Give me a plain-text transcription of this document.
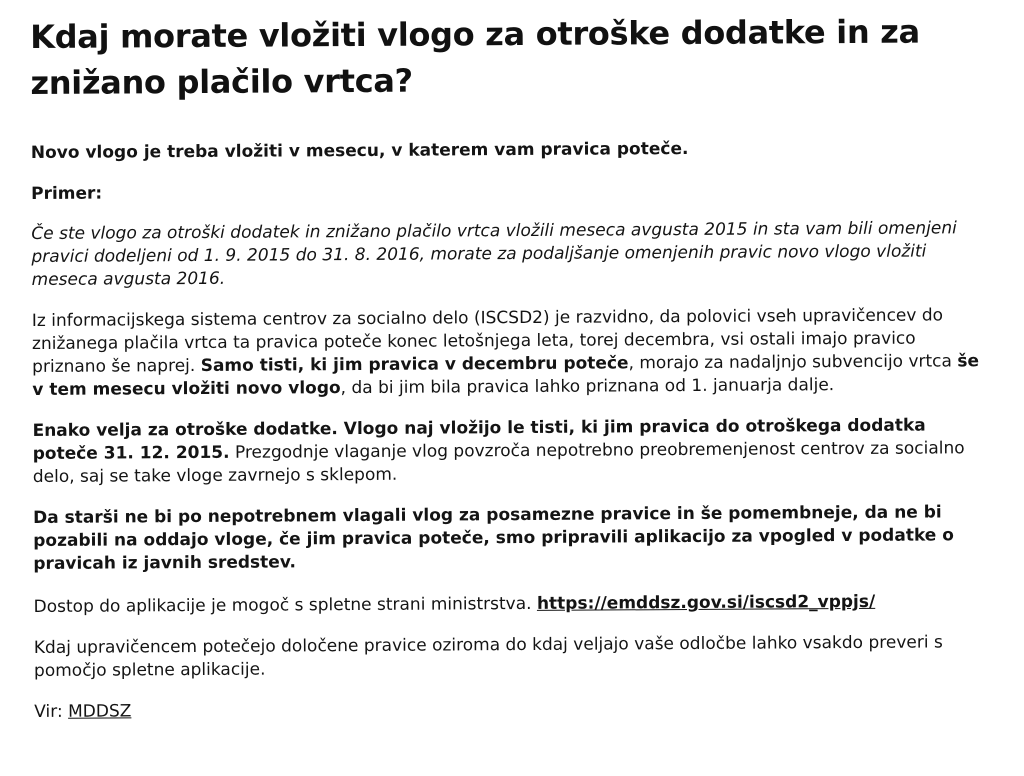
Kdaj morate vložiti vlogo za otroške dodatke in za znižano plačilo vrtca?

Novo vlogo je treba vložiti v mesecu, v katerem vam pravica poteče.

Primer:

Če ste vlogo za otroški dodatek in znižano plačilo vrtca vložili meseca avgusta 2015 in sta vam bili omenjeni pravici dodeljeni od 1. 9. 2015 do 31. 8. 2016, morate za podaljšanje omenjenih pravic novo vlogo vložiti meseca avgusta 2016.

Iz informacijskega sistema centrov za socialno delo (ISCSD2) je razvidno, da polovici vseh upravičencev do znižanega plačila vrtca ta pravica poteče konec letošnjega leta, torej decembra, vsi ostali imajo pravico priznano še naprej. Samo tisti, ki jim pravica v decembru poteče, morajo za nadaljnjo subvencijo vrtca še v tem mesecu vložiti novo vlogo, da bi jim bila pravica lahko priznana od 1. januarja dalje.

Enako velja za otroške dodatke. Vlogo naj vložijo le tisti, ki jim pravica do otroškega dodatka poteče 31. 12. 2015. Prezgodnje vlaganje vlog povzroča nepotrebno preobremenjenost centrov za socialno delo, saj se take vloge zavrnejo s sklepom.

Da starši ne bi po nepotrebnem vlagali vlog za posamezne pravice in še pomembneje, da ne bi pozabili na oddajo vloge, če jim pravica poteče, smo pripravili aplikacijo za vpogled v podatke o pravicah iz javnih sredstev.

Dostop do aplikacije je mogoč s spletne strani ministrstva. https://emddsz.gov.si/iscsd2_vppjs/

Kdaj upravičencem potečejo določene pravice oziroma do kdaj veljajo vaše odločbe lahko vsakdo preveri s pomočjo spletne aplikacije.

Vir: MDDSZ
